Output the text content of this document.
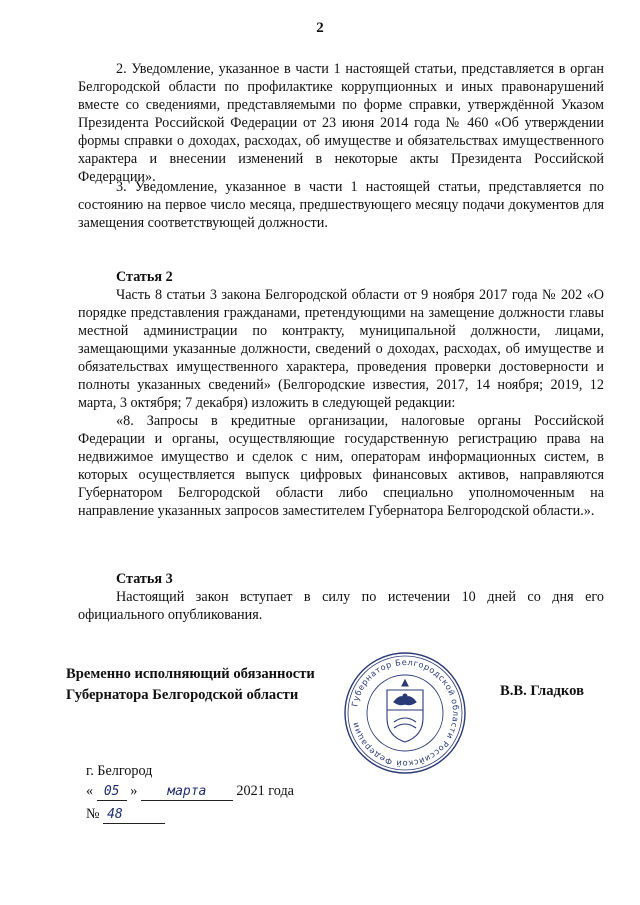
2

2. Уведомление, указанное в части 1 настоящей статьи, представляется в орган Белгородской области по профилактике коррупционных и иных правонарушений вместе со сведениями, представляемыми по форме справки, утверждённой Указом Президента Российской Федерации от 23 июня 2014 года № 460 «Об утверждении формы справки о доходах, расходах, об имуществе и обязательствах имущественного характера и внесении изменений в некоторые акты Президента Российской Федерации».

3. Уведомление, указанное в части 1 настоящей статьи, представляется по состоянию на первое число месяца, предшествующего месяцу подачи документов для замещения соответствующей должности.

Статья 2

Часть 8 статьи 3 закона Белгородской области от 9 ноября 2017 года № 202 «О порядке представления гражданами, претендующими на замещение должности главы местной администрации по контракту, муниципальной должности, лицами, замещающими указанные должности, сведений о доходах, расходах, об имуществе и обязательствах имущественного характера, проведения проверки достоверности и полноты указанных сведений» (Белгородские известия, 2017, 14 ноября; 2019, 12 марта, 3 октября; 7 декабря) изложить в следующей редакции:

«8. Запросы в кредитные организации, налоговые органы Российской Федерации и органы, осуществляющие государственную регистрацию права на недвижимое имущество и сделок с ним, операторам информационных систем, в которых осуществляется выпуск цифровых финансовых активов, направляются Губернатором Белгородской области либо специально уполномоченным на направление указанных запросов заместителем Губернатора Белгородской области.».

Статья 3

Настоящий закон вступает в силу по истечении 10 дней со дня его официального опубликования.

Временно исполняющий обязанности
Губернатора Белгородской области
Губернатор Белгородской области Российской Федерации
В.В. Гладков
г. Белгород
« 05 » марта 2021 года
№ 48
